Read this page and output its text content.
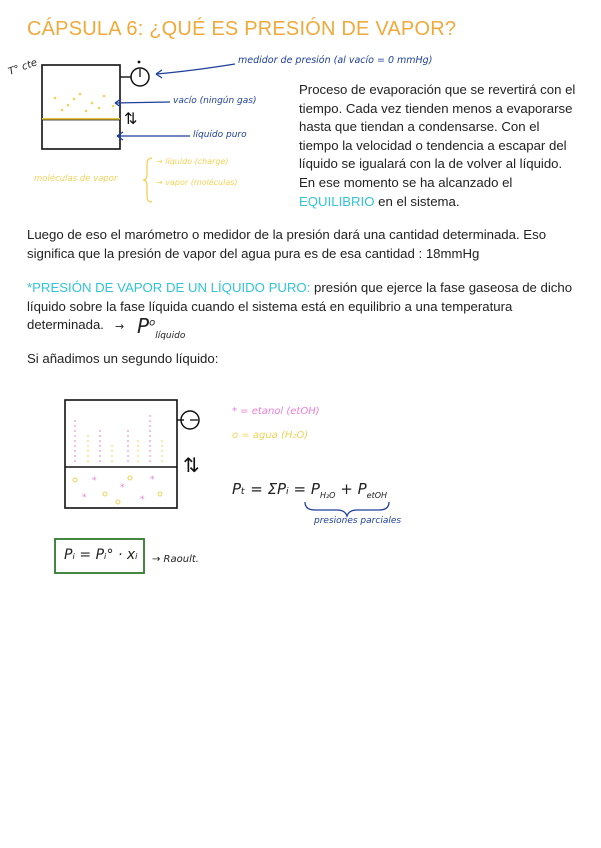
CÁPSULA 6: ¿QUÉ ES PRESIÓN DE VAPOR?
⇅
T° cte	medidor de presión (al vacío = 0 mmHg)
vacío (ningún gas)
líquido puro
moléculas de vapor
→ líquido (charge)
→ vapor (moléculas)
Proceso de evaporación que se revertirá con el tiempo. Cada vez tienden menos a evaporarse hasta que tiendan a condensarse. Con el tiempo la velocidad o tendencia a escapar del líquido se igualará con la de volver al líquido. En ese momento se ha alcanzado el EQUILIBRIO en el sistema.
Luego de eso el marómetro o medidor de la presión dará una cantidad determinada. Eso significa que la presión de vapor del agua pura es de esa cantidad : 18mmHg
*PRESIÓN DE VAPOR DE UN LÍQUIDO PURO: presión que ejerce la fase gaseosa de dicho líquido sobre la fase líquida cuando el sistema está en equilibrio a una temperatura determinada.	→ $P^o_{líquido}$
Si añadimos un segundo líquido:
*
*
*
*	*
⇅
* = etanol (etOH)
o = agua (H₂O)
Pₜ = ΣPᵢ = $P_{H_2O} + P_{etOH}$
presiones parciales
Pᵢ = Pᵢ° · xᵢ → Raoult.
